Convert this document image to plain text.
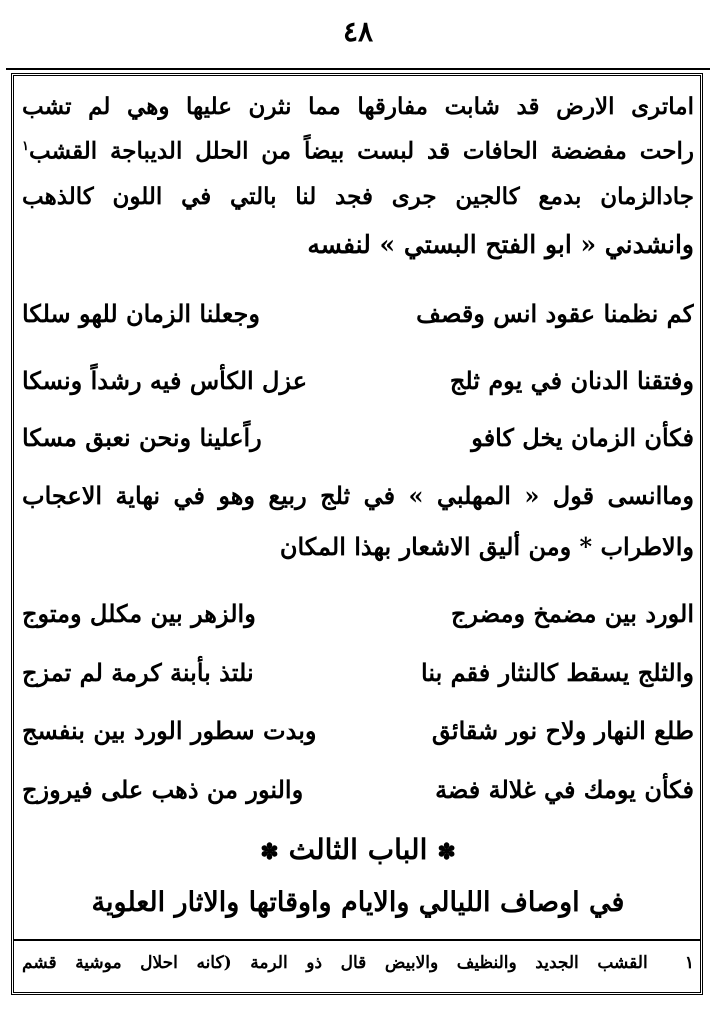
٤٨
اماترى الارض قد شابت مفارقها مما نثرن عليها وهي لم تشب
راحت مفضضة الحافات قد لبست بيضاً من الحلل الديباجة القشب$^١$
جادالزمان بدمع كالجين جرى فجد لنا بالتي في اللون كالذهب
وانشدني « ابو الفتح البستي » لنفسه
كم نظمنا عقود انس وقصف
وجعلنا الزمان للهو سلكا
وفتقنا الدنان في يوم ثلج
عزل الكأس فيه رشداً ونسكا
فكأن الزمان يخل كافو
راًعلينا ونحن نعبق مسكا
وماانسى قول « المهلبي » في ثلج ربيع وهو في نهاية الاعجاب
والاطراب * ومن أليق الاشعار بهذا المكان
الورد بين مضمخ ومضرج
والزهر بين مكلل ومتوج
والثلج يسقط كالنثار فقم بنا
نلتذ بأبنة كرمة لم تمزج
طلع النهار ولاح نور شقائق
وبدت سطور الورد بين بنفسج
فكأن يومك في غلالة فضة
والنور من ذهب على فيروزج
✽الباب الثالث✽
في اوصاف الليالي والايام واوقاتها والاثار العلوية
١  القشب الجديد والنظيف والابيض قال ذو الرمة (كانه احلال موشية قشم
